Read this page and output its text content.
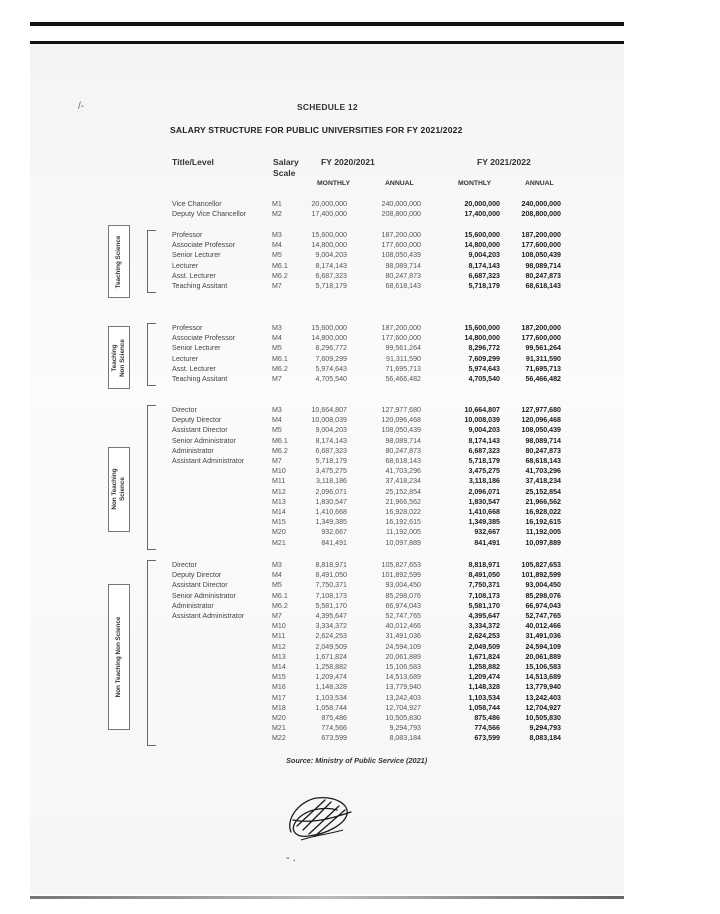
/-	SCHEDULE 12
SALARY STRUCTURE FOR PUBLIC UNIVERSITIES FOR FY 2021/2022
Title/Level	Salary
Scale
FY 2020/2021	FY 2021/2022
MONTHLY	ANNUAL	MONTHLY	ANNUAL
Vice Chancellor	M1	20,000,000	240,000,000	20,000,000	240,000,000
Deputy Vice Chancellor	M2	17,400,000	208,800,000	17,400,000	208,800,000
Professor	M3	15,600,000	187,200,000	15,600,000	187,200,000
Associate Professor	M4	14,800,000	177,600,000	14,800,000	177,600,000
Senior Lecturer	M5	9,004,203	108,050,439	9,004,203	108,050,439
Lecturer	M6.1	8,174,143	98,089,714	8,174,143	98,089,714
Asst. Lecturer	M6.2	6,687,323	80,247,873	6,687,323	80,247,873
Teaching Assitant	M7	5,718,179	68,618,143	5,718,179	68,618,143
Teaching Science
Professor	M3	15,600,000	187,200,000	15,600,000	187,200,000
Associate Professor	M4	14,800,000	177,600,000	14,800,000	177,600,000
Senior Lecturer	M5	8,296,772	99,561,264	8,296,772	99,561,264
Lecturer	M6.1	7,609,299	91,311,590	7,609,299	91,311,590
Asst. Lecturer	M6.2	5,974,643	71,695,713	5,974,643	71,695,713
Teaching Assitant	M7	4,705,540	56,466,482	4,705,540	56,466,482
Teaching
Non Science
Director	M3	10,664,807	127,977,680	10,664,807	127,977,680
Deputy Director	M4	10,008,039	120,096,468	10,008,039	120,096,468
Assistant Director	M5	9,004,203	108,050,439	9,004,203	108,050,439
Senior Administrator	M6.1	8,174,143	98,089,714	8,174,143	98,089,714
Administrator	M6.2	6,687,323	80,247,873	6,687,323	80,247,873
Assistant Administrator	M7	5,718,179	68,618,143	5,718,179	68,618,143
M10	3,475,275	41,703,296	3,475,275	41,703,296
M11	3,118,186	37,418,234	3,118,186	37,418,234
M12	2,096,071	25,152,854	2,096,071	25,152,854
M13	1,830,547	21,966,562	1,830,547	21,966,562
M14	1,410,668	16,928,022	1,410,668	16,928,022
M15	1,349,385	16,192,615	1,349,385	16,192,615
M20	932,667	11,192,005	932,667	11,192,005
M21	841,491	10,097,889	841,491	10,097,889
Non Teaching
Science
Director	M3	8,818,971	105,827,653	8,818,971	105,827,653
Deputy Director	M4	8,491,050	101,892,599	8,491,050	101,892,599
Assistant Director	M5	7,750,371	93,004,450	7,750,371	93,004,450
Senior Administrator	M6.1	7,108,173	85,298,076	7,108,173	85,298,076
Administrator	M6.2	5,581,170	66,974,043	5,581,170	66,974,043
Assistant Administrator	M7	4,395,647	52,747,765	4,395,647	52,747,765
M10	3,334,372	40,012,466	3,334,372	40,012,466
M11	2,624,253	31,491,036	2,624,253	31,491,036
M12	2,049,509	24,594,109	2,049,509	24,594,109
M13	1,671,824	20,061,889	1,671,824	20,061,889
M14	1,258,882	15,106,583	1,258,882	15,106,583
M15	1,209,474	14,513,689	1,209,474	14,513,689
M16	1,148,328	13,779,940	1,148,328	13,779,940
M17	1,103,534	13,242,403	1,103,534	13,242,403
M18	1,058,744	12,704,927	1,058,744	12,704,927
M20	875,486	10,505,830	875,486	10,505,830
M21	774,566	9,294,793	774,566	9,294,793
M22	673,599	8,083,184	673,599	8,083,184
Non Teaching Non Science
Source: Ministry of Public Service (2021)
- .
